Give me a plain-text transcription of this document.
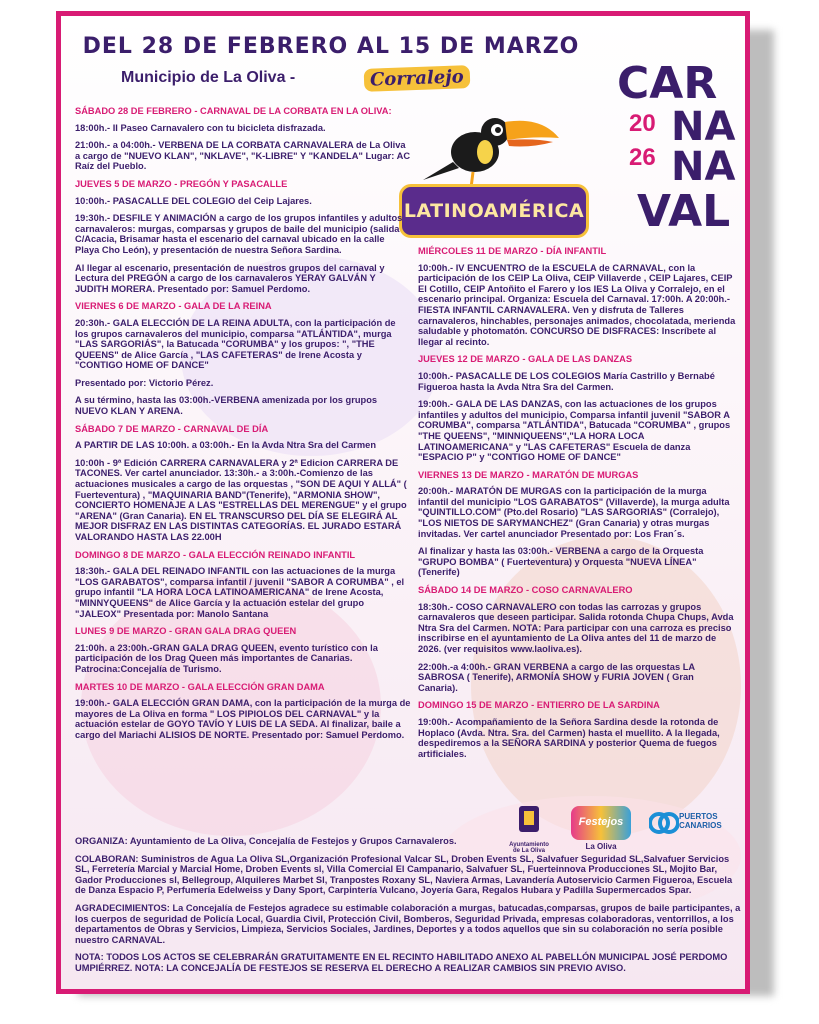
DEL 28 DE FEBRERO AL 15 DE MARZO
Municipio de La Oliva -	Corralejo	CAR
20 NA
26 NA
VAL
LATINOAMÉRICA

SÁBADO 28 DE FEBRERO - CARNAVAL DE LA CORBATA EN LA OLIVA:

18:00h.- II Paseo Carnavalero con tu bicicleta disfrazada.

21:00h.- a 04:00h.- VERBENA DE LA CORBATA CARNAVALERA de La Oliva a cargo de "NUEVO KLAN", "NKLAVE", "K-LIBRE" Y "KANDELA" Lugar: AC Raíz del Pueblo.

JUEVES 5 DE MARZO - PREGÓN Y PASACALLE

10:00h.- PASACALLE DEL COLEGIO del Ceip Lajares.

19:30h.- DESFILE Y ANIMACIÓN a cargo de los grupos infantiles y adultos carnavaleros: murgas, comparsas y grupos de baile del municipio (salida C/Acacia, Brisamar hasta el escenario del carnaval ubicado en la calle Playa Cho León), y presentación de nuestra Señora Sardina.

Al llegar al escenario, presentación de nuestros grupos del carnaval y Lectura del PREGÓN a cargo de los carnavaleros YERAY GALVÁN Y JUDITH MORERA. Presentado por: Samuel Perdomo.

VIERNES 6 DE MARZO - GALA DE LA REINA

20:30h.- GALA ELECCIÓN DE LA REINA ADULTA, con la participación de los grupos carnavaleros del municipio, comparsa "ATLÁNTIDA", murga "LAS SARGORIÁS", la Batucada "CORUMBA" y los grupos: ", "THE QUEENS" de Alice García , "LAS CAFETERAS" de Irene Acosta y "CONTIGO HOME OF DANCE"

Presentado por: Victorio Pérez.

A su término, hasta las 03:00h.-VERBENA amenizada por los grupos NUEVO KLAN Y ARENA.

SÁBADO 7 DE MARZO - CARNAVAL DE DÍA

A PARTIR DE LAS 10:00h. a 03:00h.- En la Avda Ntra Sra del Carmen

10:00h - 9ª Edición CARRERA CARNAVALERA y 2ª Edicion CARRERA DE TACONES. Ver cartel anunciador. 13:30h.- a 3:00h.-Comienzo de las actuaciones musicales a cargo de las orquestas , "SON DE AQUI Y ALLÁ" ( Fuerteventura) , "MAQUINARIA BAND"(Tenerife), "ARMONIA SHOW", CONCIERTO HOMENAJE A LAS "ESTRELLAS DEL MERENGUE" y el grupo "ARENA" (Gran Canaria). EN EL TRANSCURSO DEL DÍA SE ELEGIRÁ AL MEJOR DISFRAZ EN LAS DISTINTAS CATEGORÍAS. EL JURADO ESTARÁ VALORANDO HASTA LAS 22.00H

DOMINGO 8 DE MARZO - GALA ELECCIÓN REINADO INFANTIL

18:30h.- GALA DEL REINADO INFANTIL con las actuaciones de la murga "LOS GARABATOS", comparsa infantil / juvenil "SABOR A CORUMBA" , el grupo infantil "LA HORA LOCA LATINOAMERICANA" de Irene Acosta, "MINNYQUEENS" de Alice García y la actuación estelar del grupo "JALEOX" Presentada por: Manolo Santana

LUNES 9 DE MARZO - GRAN GALA DRAG QUEEN

21:00h. a 23:00h.-GRAN GALA DRAG QUEEN, evento turístico con la participación de los Drag Queen más importantes de Canarias. Patrocina:Concejalía de Turismo.

MARTES 10 DE MARZO - GALA ELECCIÓN GRAN DAMA

19:00h.- GALA ELECCIÓN GRAN DAMA, con la participación de la murga de mayores de La Oliva en forma " LOS PIPIOLOS DEL CARNAVAL" y la actuación estelar de GOYO TAVÍO Y LUIS DE LA SEDA. Al finalizar, baile a cargo del Mariachi ALISIOS DE NORTE. Presentado por: Samuel Perdomo.

MIÉRCOLES 11 DE MARZO - DÍA INFANTIL

10:00h.- IV ENCUENTRO de la ESCUELA de CARNAVAL, con la participación de los CEIP La Oliva, CEIP Villaverde , CEIP Lajares, CEIP El Cotillo, CEIP Antoñito el Farero y los IES La Oliva y Corralejo, en el escenario principal. Organiza: Escuela del Carnaval. 17:00h. A 20:00h.- FIESTA INFANTIL CARNAVALERA. Ven y disfruta de Talleres carnavaleros, hinchables, personajes animados, chocolatada, merienda saludable y photomatón. CONCURSO DE DISFRACES: Inscríbete al llegar al recinto.

JUEVES 12 DE MARZO - GALA DE LAS DANZAS

10:00h.- PASACALLE DE LOS COLEGIOS María Castrillo y Bernabé Figueroa hasta la Avda Ntra Sra del Carmen.

19:00h.- GALA DE LAS DANZAS, con las actuaciones de los grupos infantiles y adultos del municipio, Comparsa infantil juvenil "SABOR A CORUMBA", comparsa "ATLÁNTIDA", Batucada "CORUMBA" , grupos "THE QUEENS", "MINNIQUEENS","LA HORA LOCA LATINOAMERICANA" y "LAS CAFETERAS" Escuela de danza "ESPACIO P" y "CONTIGO HOME OF DANCE"

VIERNES 13 DE MARZO - MARATÓN DE MURGAS

20:00h.- MARATÓN DE MURGAS con la participación de la murga infantil del municipio "LOS GARABATOS" (Villaverde), la murga adulta "QUINTILLO.COM" (Pto.del Rosario) "LAS SARGORIAS" (Corralejo), "LOS NIETOS DE SARYMANCHEZ" (Gran Canaria) y otras murgas invitadas. Ver cartel anunciador Presentado por: Los Fran´s.

Al finalizar y hasta las 03:00h.- VERBENA a cargo de la Orquesta "GRUPO BOMBA" ( Fuerteventura) y Orquesta "NUEVA LÍNEA" (Tenerife)

SÁBADO 14 DE MARZO - COSO CARNAVALERO

18:30h.- COSO CARNAVALERO con todas las carrozas y grupos carnavaleros que deseen participar. Salida rotonda Chupa Chups, Avda Ntra Sra del Carmen. NOTA: Para participar con una carroza es preciso inscribirse en el ayuntamiento de La Oliva antes del 11 de marzo de 2026. (ver requisitos www.laoliva.es).

22:00h.-a 4:00h.- GRAN VERBENA a cargo de las orquestas LA SABROSA ( Tenerife), ARMONÍA SHOW y FURIA JOVEN ( Gran Canaria).

DOMINGO 15 DE MARZO - ENTIERRO DE LA SARDINA

19:00h.- Acompañamiento de la Señora Sardina desde la rotonda de Hoplaco (Avda. Ntra. Sra. del Carmen) hasta el muellito. A la llegada, despediremos a la SEÑORA SARDINA y posterior Quema de fuegos artificiales.

Ayuntamiento de La Oliva
Festejos
La Oliva
PUERTOS CANARIOS

ORGANIZA: Ayuntamiento de La Oliva, Concejalía de Festejos y Grupos Carnavaleros.

COLABORAN: Suministros de Agua La Oliva SL,Organización Profesional Valcar SL, Droben Events SL, Salvafuer Seguridad SL,Salvafuer Servicios SL, Ferretería Marcial y Marcial Home, Droben Events sl, Villa Comercial El Campanario, Salvafuer SL, Fuerteinnova Producciones SL, Mojito Bar, Gador Producciones sl, Bellegroup, Alquileres Marbet Sl, Tranpostes Roxany SL, Naviera Armas, Lavandería Autoservicio Carmen Figueroa, Escuela de Danza Espacio P, Perfumería Edelweiss y Dany Sport, Carpintería Vulcano, Joyería Gara, Regalos Hubara y Padilla Supermercados Spar.

AGRADECIMIENTOS: La Concejalía de Festejos agradece su estimable colaboración a murgas, batucadas,comparsas, grupos de baile participantes, a los cuerpos de seguridad de Policía Local, Guardia Civil, Protección Civil, Bomberos, Seguridad Privada, empresas colaboradoras, ventorrillos, a los departamentos de Obras y Servicios, Limpieza, Servicios Sociales, Jardines, Deportes y a todos aquellos que sin su colaboración no sería posible nuestro CARNAVAL.

NOTA: TODOS LOS ACTOS SE CELEBRARÁN GRATUITAMENTE EN EL RECINTO HABILITADO ANEXO AL PABELLÓN MUNICIPAL JOSÉ PERDOMO UMPIÉRREZ. NOTA: LA CONCEJALÍA DE FESTEJOS SE RESERVA EL DERECHO A REALIZAR CAMBIOS SIN PREVIO AVISO.
